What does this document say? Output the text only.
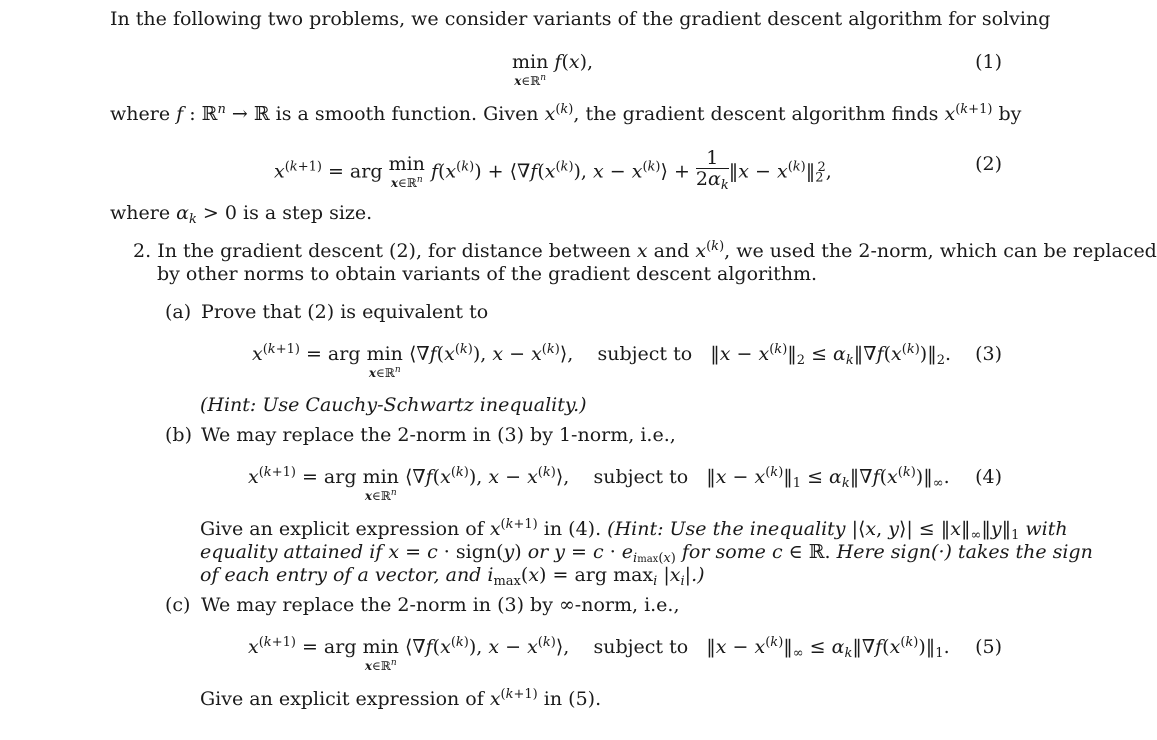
In the following two problems, we consider variants of the gradient descent algorithm for solving
min
x∈ℝ$^n$
f(x),	(1)
where f : ℝ$^n$ → ℝ is a smooth function. Given $x^{(k)}$, the gradient descent algorithm finds $x^{(k+1)}$ by
$x^{(k+1)}$ = arg min
x∈ℝ$^n$ $f(x^{(k)})$ + $⟨\nabla f(x^{(k)})$, $x - x^{(k)}⟩ + \frac{1}{2\alpha_k}$ ‖x − $x^{(k)}‖_2^2$,	(2)
where $\alpha_k > 0$ is a step size.
2. In the gradient descent (2), for distance between x and $x^{(k)}$, we used the 2-norm, which can be replaced
by other norms to obtain variants of the gradient descent algorithm.
(a) Prove that (2) is equivalent to
$x^{(k+1)}$ = arg min
x∈ℝ$^n$
$⟨\nabla f(x^{(k)})$, $x - x^{(k)}⟩$,    subject to   ‖x − $x^{(k)}‖_2$ ≤ $\alpha_k‖\nabla f(x^{(k)})‖_2$. (3)
(Hint: Use Cauchy-Schwartz inequality.)
(b) We may replace the 2-norm in (3) by 1-norm, i.e.,
$x^{(k+1)}$ = arg min
x∈ℝ$^n$
$⟨\nabla f(x^{(k)})$, $x - x^{(k)}⟩$,    subject to   ‖x − $x^{(k)}‖_1$ ≤ $\alpha_k‖\nabla f(x^{(k)})‖_\infty$. (4)
Give an explicit expression of $x^{(k+1)}$ in (4). (Hint: Use the inequality |⟨x, y⟩| ≤ $‖x‖_\infty‖y‖_1$ with
equality attained if x = c · sign(y) or $y = c \cdot e_{imax(x)}$ for some c ∈ ℝ. Here sign(·) takes the sign
of each entry of a vector, and $i_{max}(x)$ = arg $\max_i |x_i|$.)
(c) We may replace the 2-norm in (3) by ∞-norm, i.e.,
$x^{(k+1)}$ = arg min
x∈ℝ$^n$
$⟨\nabla f(x^{(k)})$, $x - x^{(k)}⟩$,    subject to   ‖x − $x^{(k)}‖_\infty$ ≤ $\alpha_k‖\nabla f(x^{(k)})‖_1$. (5)
Give an explicit expression of $x^{(k+1)}$ in (5).
